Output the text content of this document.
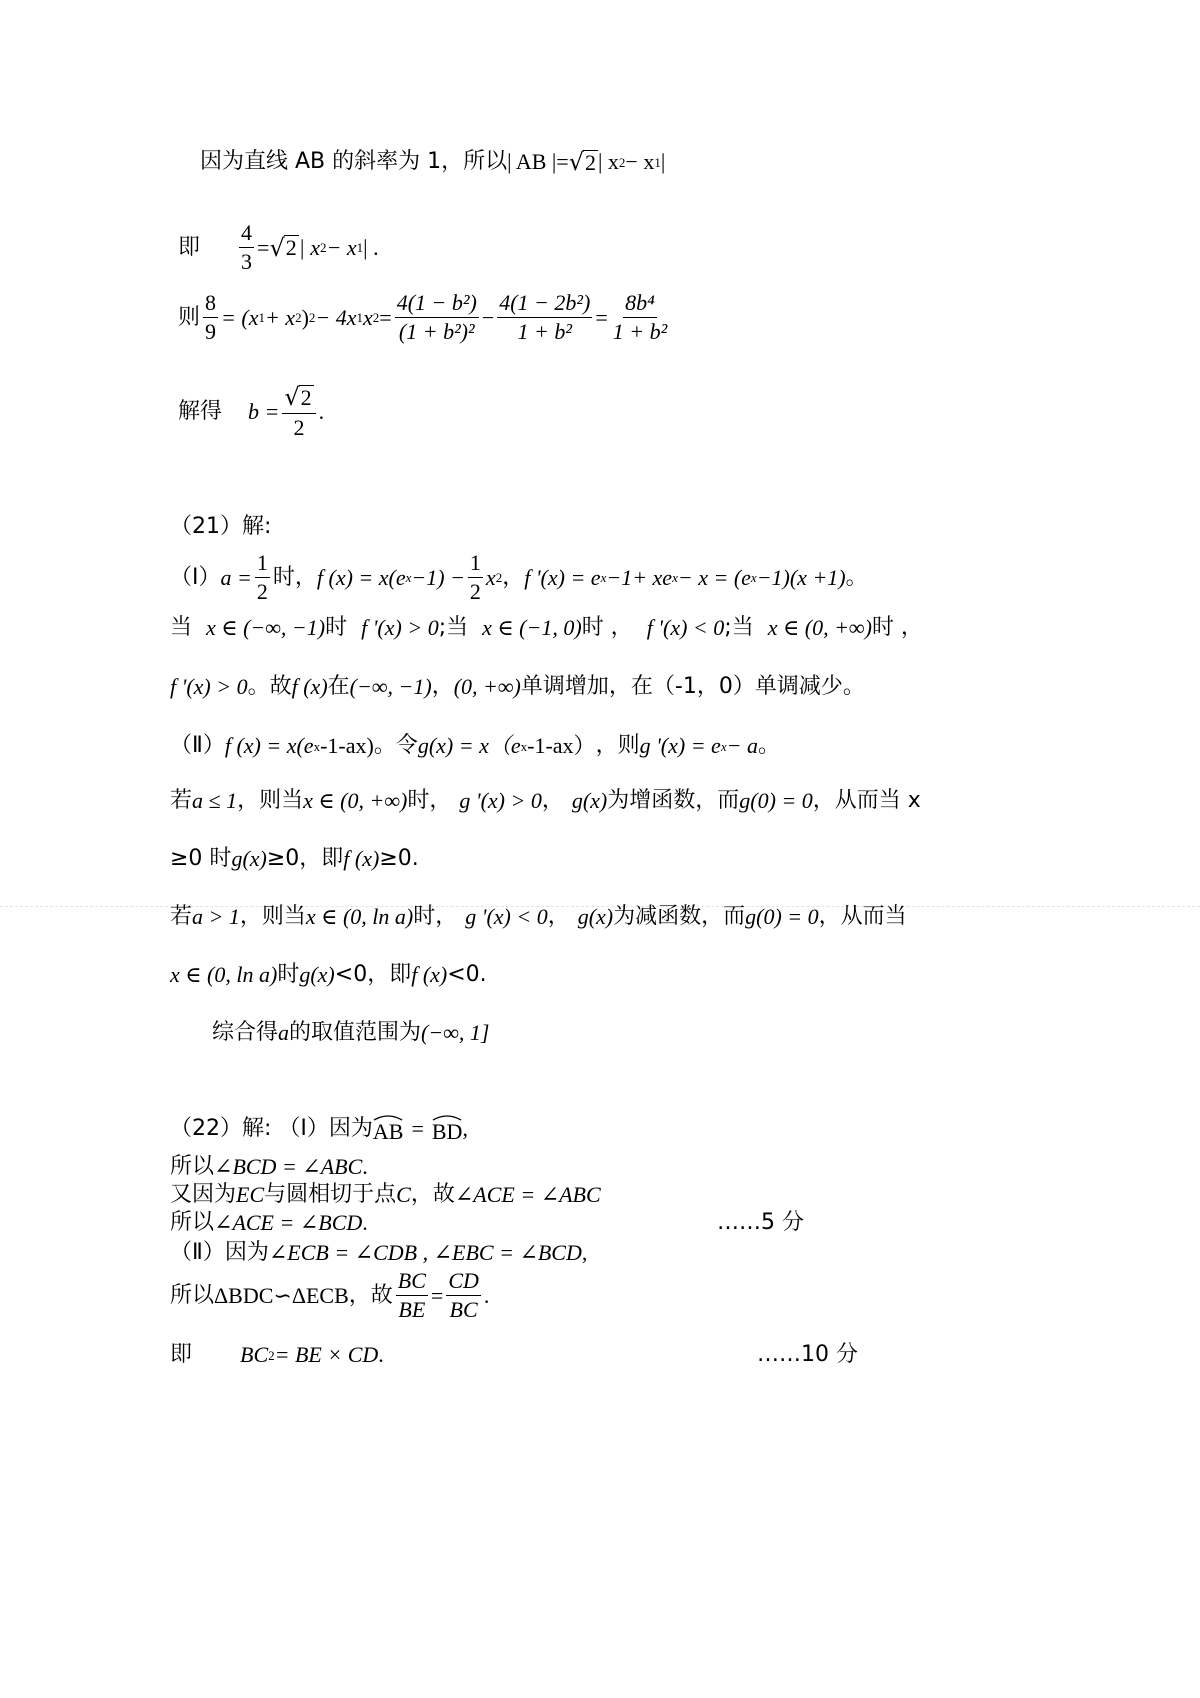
因为直线 AB 的斜率为 1，所以 | AB |= √ 2 | x 2 − x 1 |
即 $\frac{4}{3}$ = √ 2 | x 2 − x 1 | .
则 $\frac{8}{9} = (x$ 1 + x 2 ) 2 − 4x 1 x $2 = \frac{\text{4(1 − b²)}}{\text{(1 + b²)²}} - \frac{\text{4(1 − 2b²)}}{\text{1 + b²}} = \frac{\text{8b⁴}}{\text{1 + b²}}$
解得 $b = \frac{√ 2}{2}$ .
（21）解:
（Ⅰ） $a = \frac{1}{2}$ 时， f (x) = x(e $x -1) - \frac{1}{2}$ x 2 ， f '(x) = e x −1+ xe x − x = (e x −1)(x +1) 。
当 x ∈ (−∞, −1) 时 f '(x) > 0 ;当 x ∈ (−1, 0) 时 ， f '(x) < 0 ;当 x ∈ (0, +∞) 时 ，
f '(x) > 0 。故 f (x) 在 (−∞, −1) ， (0, +∞) 单调增加，在（-1，0）单调减少。
（Ⅱ） f (x) = x(e x -1-ax) 。令 g(x) = x（e x -1-ax） ，则 g '(x) = e x − a 。
若 a ≤ 1 ，则当 x ∈ (0, +∞) 时， g '(x) > 0 ， g(x) 为增函数，而 g(0) = 0 ，从而当 x
≥0 时 g(x) ≥0，即 f (x) ≥0.
若 a > 1 ，则当 x ∈ (0, ln a) 时， g '(x) < 0 ， g(x) 为减函数，而 g(0) = 0 ，从而当
x ∈ (0, ln a) 时 g(x) <0，即 f (x) <0.
综合得 a 的取值范围为 (−∞, 1]
（22）解: （Ⅰ）因为 AB = BD ,
所以 ∠BCD = ∠ABC .
又因为 EC 与圆相切于点 C ，故 ∠ACE = ∠ABC
所以 ∠ACE = ∠BCD .	……5 分
（Ⅱ）因为 ∠ECB = ∠CDB , ∠EBC = ∠BCD ,
所以 ΔBDC∽ΔECB ，故 $\frac{BC}{BE} = \frac{CD}{BC}$ .
即 BC 2 = BE × CD .	……10 分
